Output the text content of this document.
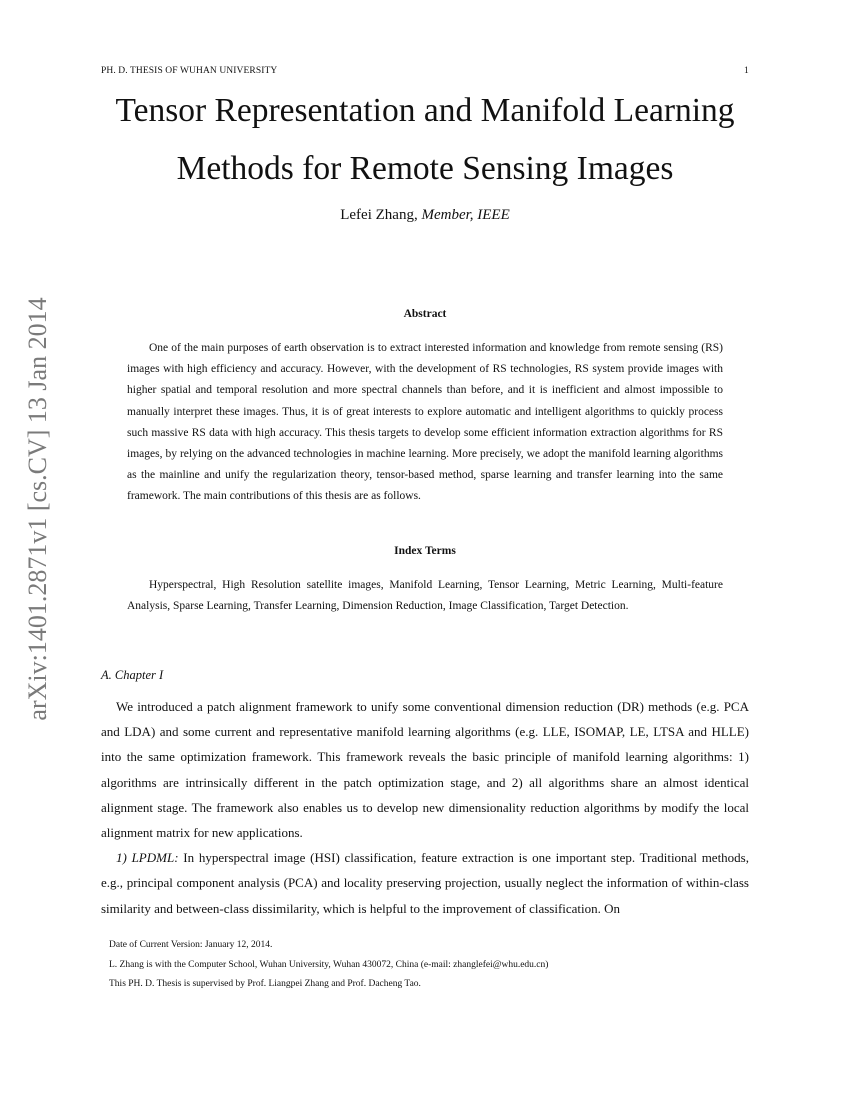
PH. D. THESIS OF WUHAN UNIVERSITY	1
Tensor Representation and Manifold Learning
Methods for Remote Sensing Images
Lefei Zhang, Member, IEEE
arXiv:1401.2871v1 [cs.CV] 13 Jan 2014	Abstract
One of the main purposes of earth observation is to extract interested information and knowledge from remote sensing (RS) images with high efficiency and accuracy. However, with the development of RS technologies, RS system provide images with higher spatial and temporal resolution and more spectral channels than before, and it is inefficient and almost impossible to manually interpret these images. Thus, it is of great interests to explore automatic and intelligent algorithms to quickly process such massive RS data with high accuracy. This thesis targets to develop some efficient information extraction algorithms for RS images, by relying on the advanced technologies in machine learning. More precisely, we adopt the manifold learning algorithms as the mainline and unify the regularization theory, tensor-based method, sparse learning and transfer learning into the same framework. The main contributions of this thesis are as follows.
Index Terms
Hyperspectral, High Resolution satellite images, Manifold Learning, Tensor Learning, Metric Learning, Multi-feature Analysis, Sparse Learning, Transfer Learning, Dimension Reduction, Image Classification, Target Detection.
A. Chapter I

We introduced a patch alignment framework to unify some conventional dimension reduction (DR) methods (e.g. PCA and LDA) and some current and representative manifold learning algorithms (e.g. LLE, ISOMAP, LE, LTSA and HLLE) into the same optimization framework. This framework reveals the basic principle of manifold learning algorithms: 1) algorithms are intrinsically different in the patch optimization stage, and 2) all algorithms share an almost identical alignment stage. The framework also enables us to develop new dimensionality reduction algorithms by modify the local alignment matrix for new applications.

1) LPDML: In hyperspectral image (HSI) classification, feature extraction is one important step. Traditional methods, e.g., principal component analysis (PCA) and locality preserving projection, usually neglect the information of within-class similarity and between-class dissimilarity, which is helpful to the improvement of classification. On

Date of Current Version: January 12, 2014.
L. Zhang is with the Computer School, Wuhan University, Wuhan 430072, China (e-mail: zhanglefei@whu.edu.cn)
This PH. D. Thesis is supervised by Prof. Liangpei Zhang and Prof. Dacheng Tao.
